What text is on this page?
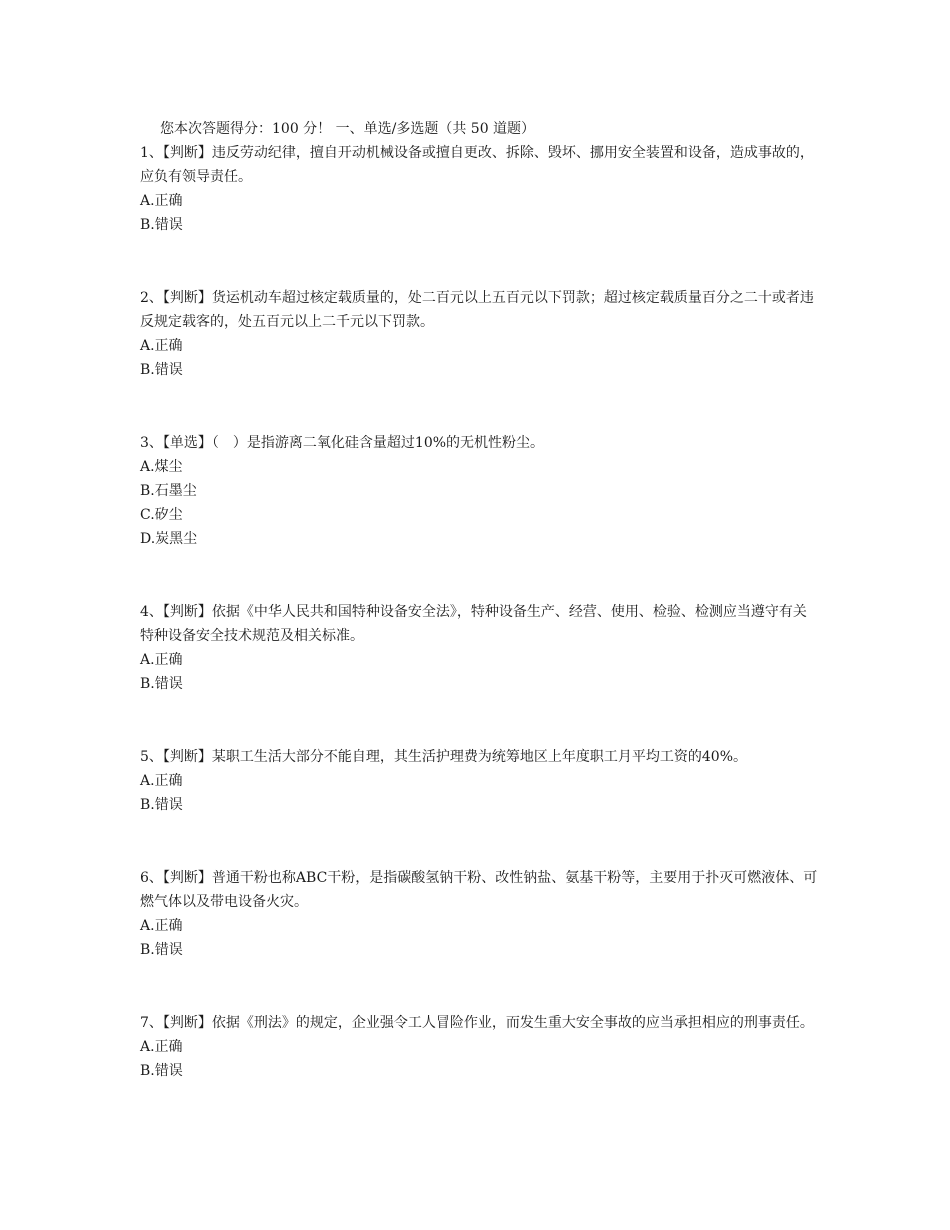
您本次答题得分：100 分！ 一、单选/多选题（共 50 道题）

1、【判断】违反劳动纪律，擅自开动机械设备或擅自更改、拆除、毁坏、挪用安全装置和设备，造成事故的，应负有领导责任。

A.正确

B.错误

2、【判断】货运机动车超过核定载质量的，处二百元以上五百元以下罚款；超过核定载质量百分之二十或者违反规定载客的，处五百元以上二千元以下罚款。

A.正确

B.错误

3、【单选】（　）是指游离二氧化硅含量超过10%的无机性粉尘。

A.煤尘

B.石墨尘

C.矽尘

D.炭黑尘

4、【判断】依据《中华人民共和国特种设备安全法》，特种设备生产、经营、使用、检验、检测应当遵守有关特种设备安全技术规范及相关标准。

A.正确

B.错误

5、【判断】某职工生活大部分不能自理，其生活护理费为统筹地区上年度职工月平均工资的40%。

A.正确

B.错误

6、【判断】普通干粉也称ABC干粉，是指碳酸氢钠干粉、改性钠盐、氨基干粉等，主要用于扑灭可燃液体、可燃气体以及带电设备火灾。

A.正确

B.错误

7、【判断】依据《刑法》的规定，企业强令工人冒险作业，而发生重大安全事故的应当承担相应的刑事责任。

A.正确

B.错误
